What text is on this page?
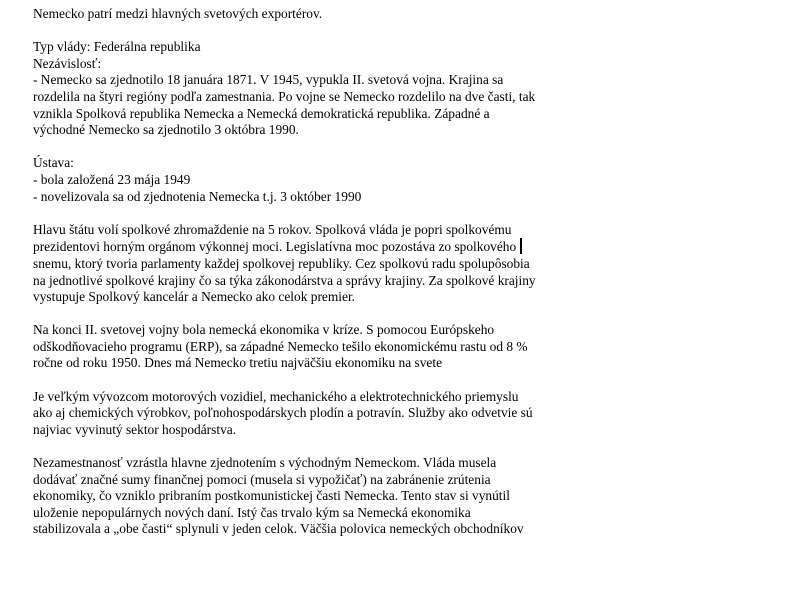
Nemecko patrí medzi hlavných svetových exportérov.

Typ vlády: Federálna republika
Nezávislosť:
- Nemecko sa zjednotilo 18 januára 1871. V 1945, vypukla II. svetová vojna. Krajina sa
rozdelila na štyri regióny podľa zamestnania. Po vojne se Nemecko rozdelilo na dve časti, tak
vznikla Spolková republika Nemecka a Nemecká demokratická republika. Západné a
východné Nemecko sa zjednotilo 3 októbra 1990.

Ústava:
- bola založená 23 mája 1949
- novelizovala sa od zjednotenia Nemecka t.j. 3 október 1990

Hlavu štátu volí spolkové zhromaždenie na 5 rokov. Spolková vláda je popri spolkovému
prezidentovi horným orgánom výkonnej moci. Legislatívna moc pozostáva zo spolkového
snemu, ktorý tvoria parlamenty každej spolkovej republiky. Cez spolkovú radu spolupôsobia
na jednotlivé spolkové krajiny čo sa týka zákonodárstva a správy krajiny. Za spolkové krajiny
vystupuje Spolkový kancelár a Nemecko ako celok premier.

Na konci II. svetovej vojny bola nemecká ekonomika v kríze. S pomocou Európskeho
odškodňovacieho programu (ERP), sa západné Nemecko tešilo ekonomickému rastu od 8 %
ročne od roku 1950. Dnes má Nemecko tretiu najväčšiu ekonomiku na svete

Je veľkým vývozcom motorových vozidiel, mechanického a elektrotechnického priemyslu
ako aj chemických výrobkov, poľnohospodárskych plodín a potravín. Služby ako odvetvie sú
najviac vyvinutý sektor hospodárstva.

Nezamestnanosť vzrástla hlavne zjednotením s východným Nemeckom. Vláda musela
dodávať značné sumy finančnej pomoci (musela si vypožičať) na zabránenie zrútenia
ekonomiky, čo vzniklo pribraním postkomunistickej časti Nemecka. Tento stav si vynútil
uloženie nepopulárnych nových daní. Istý čas trvalo kým sa Nemecká ekonomika
stabilizovala a „obe časti“ splynuli v jeden celok. Väčšia polovica nemeckých obchodníkov
